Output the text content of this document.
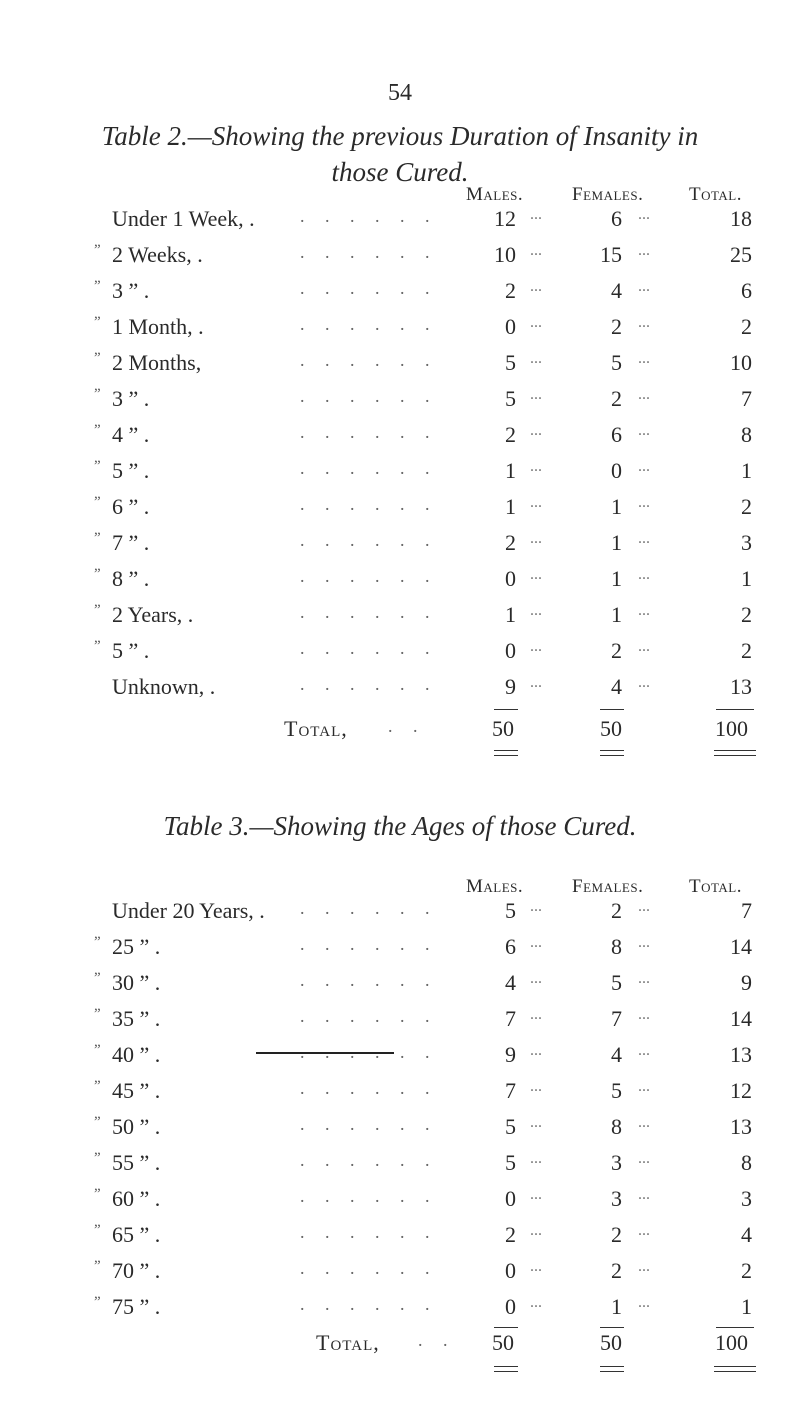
54
Table 2.—Showing the previous Duration of Insanity in
those Cured.
Males.	Females. Total.
Under 1 Week, .	. . . . . .	12 ...	6 ...	18
” 2 Weeks, .	. . . . . .	10 ...	15 ...	25
” 3 ” .	. . . . . .	2 ...	4 ...	6
” 1 Month, .	. . . . . .	0 ...	2 ...	2
” 2 Months,	. . . . . .	5 ...	5 ...	10
” 3 ” .	. . . . . .	5 ...	2 ...	7
” 4 ” .	. . . . . .	2 ...	6 ...	8
” 5 ” .	. . . . . .	1 ...	0 ...	1
” 6 ” .	. . . . . .	1 ...	1 ...	2
” 7 ” .	. . . . . .	2 ...	1 ...	3
” 8 ” .	. . . . . .	0 ...	1 ...	1
” 2 Years, .	. . . . . .	1 ...	1 ...	2
” 5 ” .	. . . . . .	0 ...	2 ...	2
Unknown, .	. . . . . .	9 ...	4 ...	13
Total, . .	50	50	100
Table 3.—Showing the Ages of those Cured.
Males.	Females. Total.
Under 20 Years, . . . . . . .	5 ...	2 ...	7
” 25 ” .	. . . . . .	6 ...	8 ...	14
” 30 ” .	. . . . . .	4 ...	5 ...	9
” 35 ” .	. . . . . .	7 ...	7 ...	14
” 40 ” .	. . . . . .	9 ...	4 ...	13
” 45 ” .	. . . . . .	7 ...	5 ...	12
” 50 ” .	. . . . . .	5 ...	8 ...	13
” 55 ” .	. . . . . .	5 ...	3 ...	8
” 60 ” .	. . . . . .	0 ...	3 ...	3
” 65 ” .	. . . . . .	2 ...	2 ...	4
” 70 ” .	. . . . . .	0 ...	2 ...	2
” 75 ” .	. . . . . .	0 ...	1 ...	1
Total, . . 50	50	100
